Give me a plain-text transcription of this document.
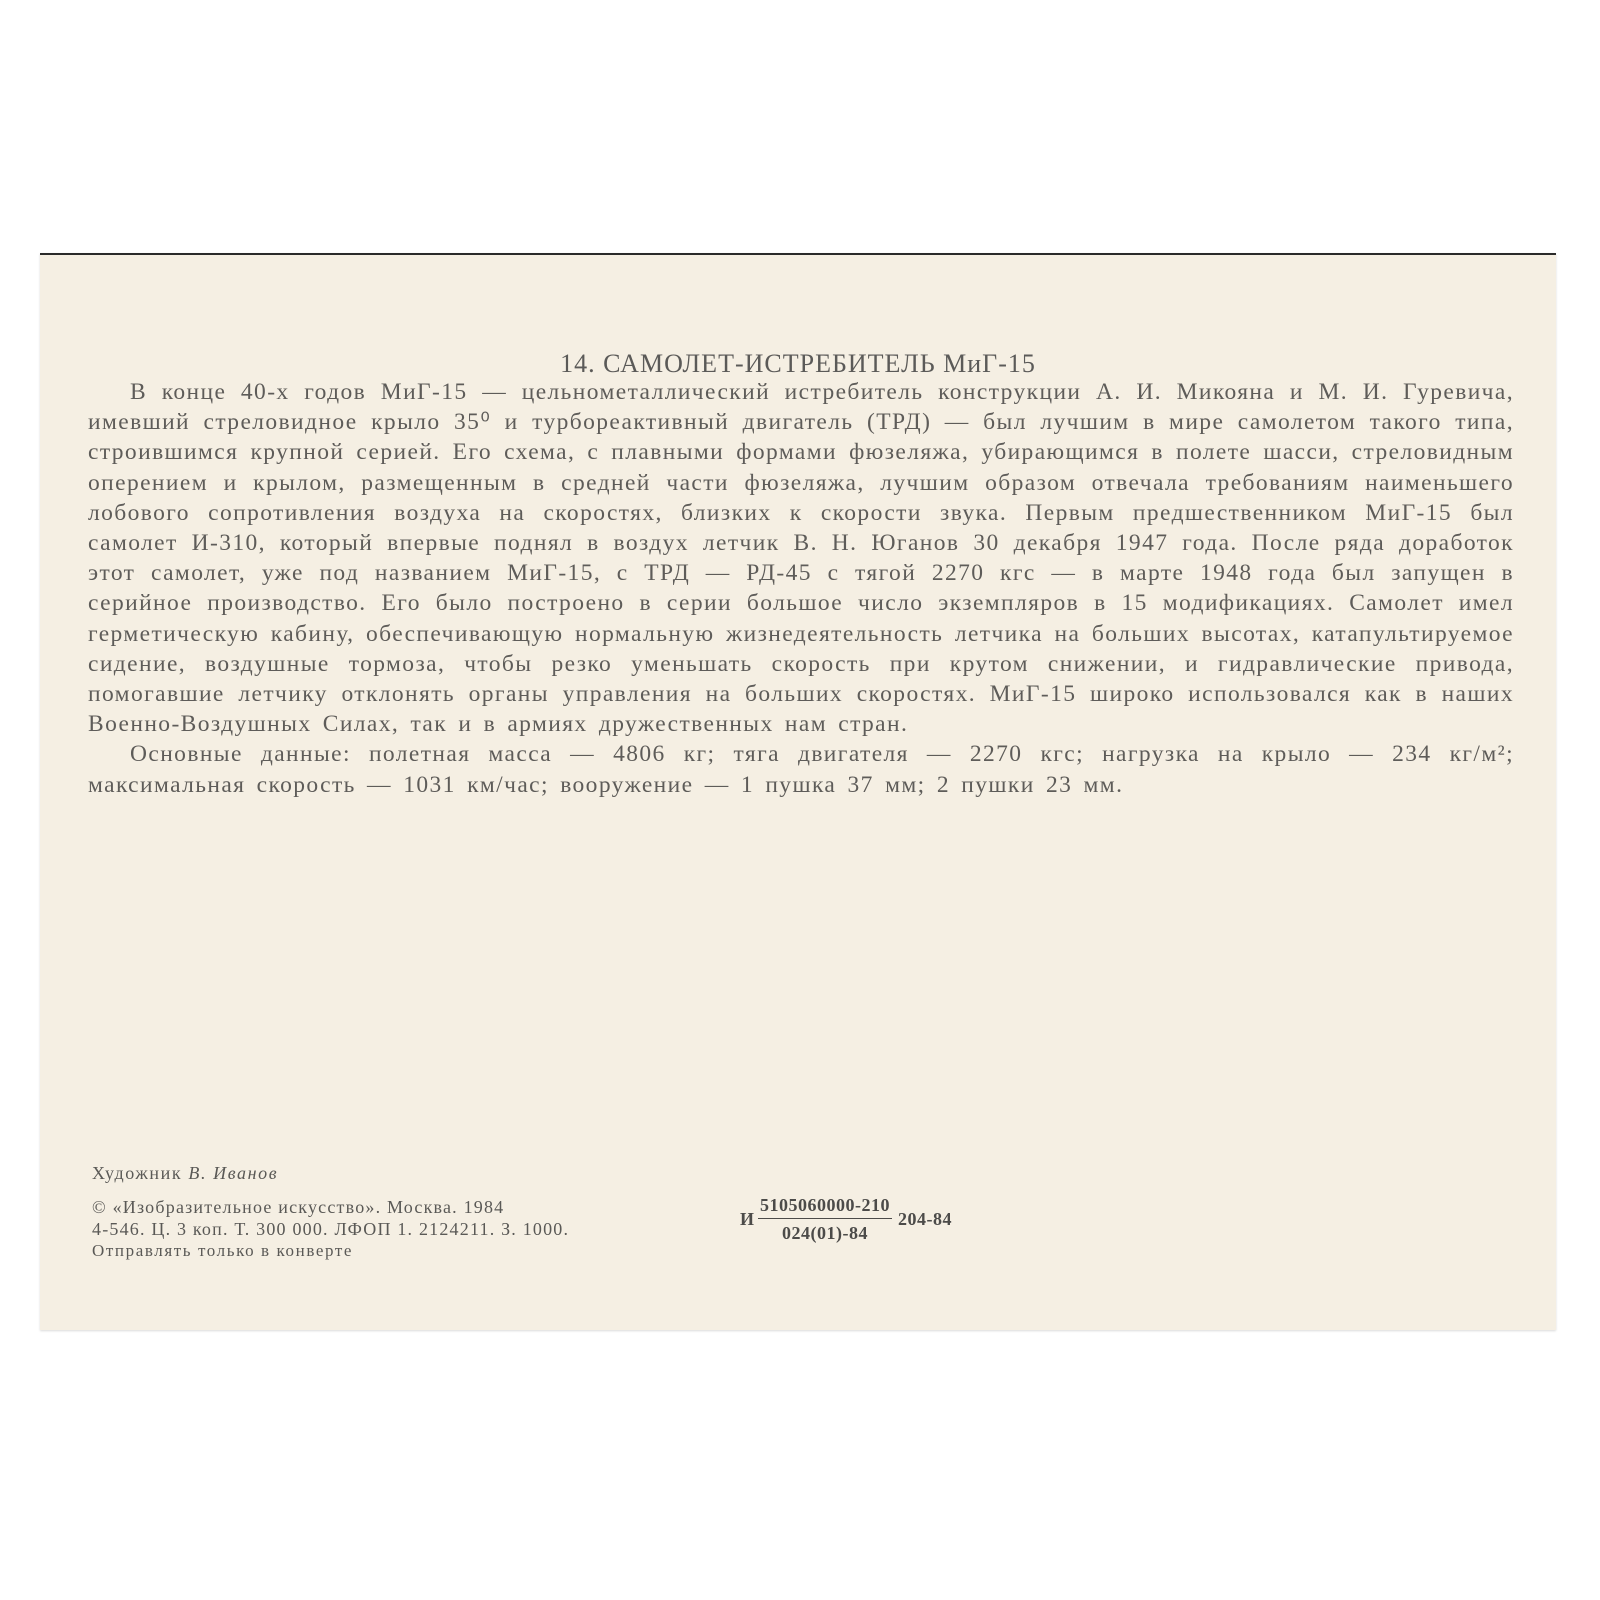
14. САМОЛЕТ-ИСТРЕБИТЕЛЬ МиГ-15

В конце 40-х годов МиГ-15 — цельнометаллический истребитель конструкции А. И. Микояна и М. И. Гуревича, имевший стреловидное крыло 35⁰ и турбореактивный двигатель (ТРД) — был лучшим в мире самолетом такого типа, строившимся крупной серией. Его схема, с плавными формами фюзеляжа, убирающимся в полете шасси, стреловидным оперением и крылом, размещенным в средней части фюзеляжа, лучшим образом отвечала требованиям наименьшего лобового сопротивления воздуха на скоростях, близких к скорости звука. Первым предшественником МиГ-15 был самолет И-310, который впервые поднял в воздух летчик В. Н. Юганов 30 декабря 1947 года. После ряда доработок этот самолет, уже под названием МиГ-15, с ТРД — РД-45 с тягой 2270 кгс — в марте 1948 года был запущен в серийное производство. Его было построено в серии большое число экземпляров в 15 модификациях. Самолет имел герметическую кабину, обеспечивающую нормальную жизнедеятельность летчика на больших высотах, катапультируемое сидение, воздушные тормоза, чтобы резко уменьшать скорость при крутом снижении, и гидравлические привода, помогавшие летчику отклонять органы управления на больших скоростях. МиГ-15 широко использовался как в наших Военно-Воздушных Силах, так и в армиях дружественных нам стран.

Основные данные: полетная масса — 4806 кг; тяга двигателя — 2270 кгс; нагрузка на крыло — 234 кг/м²; максимальная скорость — 1031 км/час; вооружение — 1 пушка 37 мм; 2 пушки 23 мм.

Художник В. Иванов
© «Изобразительное искусство». Москва. 1984
4-546. Ц. 3 коп. Т. 300 000. ЛФОП 1. 2124211. З. 1000.
Отправлять только в конверте
И $\frac{5105060000-210}{024(01)-84} 204-84$
